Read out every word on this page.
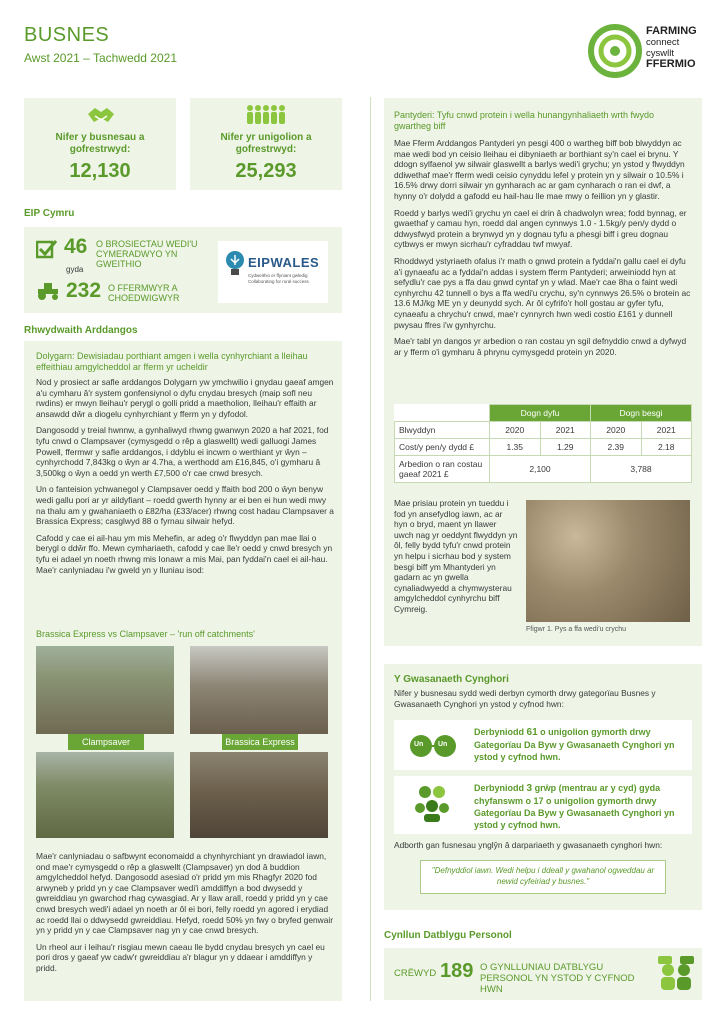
BUSNES
Awst 2021 – Tachwedd 2021
FARMING
connect
cyswllt
FFERMIO
Nifer y busnesau a gofrestrwyd:
12,130
Nifer yr unigolion a gofrestrwyd:
25,293
EIP Cymru
46 O BROSIECTAU WEDI'U CYMERADWYO YN GWEITHIO
gyda
232 O FFERMWYR A CHOEDWIGWYR
EIPWALES
Cydweithio er ffyniant gwledig Collaborating for rural success
Rhwydwaith Arddangos
Dolygarn: Dewisiadau porthiant amgen i wella cynhyrchiant a lleihau effeithiau amgylcheddol ar fferm yr ucheldir

Nod y prosiect ar safle arddangos Dolygarn yw ymchwilio i gnydau gaeaf amgen a'u cymharu â'r system gonfensiynol o dyfu cnydau bresych (maip sofl neu rwdins) er mwyn lleihau'r perygl o golli pridd a maetholion, lleihau'r effaith ar ansawdd dŵr a diogelu cynhyrchiant y fferm yn y dyfodol.

Dangosodd y treial hwnnw, a gynhaliwyd rhwng gwanwyn 2020 a haf 2021, fod tyfu cnwd o Clampsaver (cymysgedd o rêp a glaswellt) wedi galluogi James Powell, ffermwr y safle arddangos, i ddyblu ei incwm o werthiant yr ŵyn – cynhyrchodd 7,843kg o ŵyn ar 4.7ha, a werthodd am £16,845, o'i gymharu â 3,500kg o ŵyn a oedd yn werth £7,500 o'r cae cnwd bresych.

Un o fanteision ychwanegol y Clampsaver oedd y ffaith bod 200 o ŵyn benyw wedi gallu pori ar yr aildyfiant – roedd gwerth hynny ar ei ben ei hun wedi mwy na thalu am y gwahaniaeth o £82/ha (£33/acer) rhwng cost hadau Clampsaver a Brassica Express; casglwyd 88 o fyrnau silwair hefyd.

Cafodd y cae ei ail-hau ym mis Mehefin, ar adeg o'r flwyddyn pan mae llai o berygl o ddŵr ffo. Mewn cymhariaeth, cafodd y cae lle'r oedd y cnwd bresych yn tyfu ei adael yn noeth rhwng mis Ionawr a mis Mai, pan fyddai'n cael ei ail-hau. Mae'r canlyniadau i'w gweld yn y lluniau isod:

Brassica Express vs Clampsaver – 'run off catchments'
Clampsaver	Brassica Express

Mae'r canlyniadau o safbwynt economaidd a chynhyrchiant yn drawiadol iawn, ond mae'r cymysgedd o rêp a glaswellt (Clampsaver) yn dod â buddion amgylcheddol hefyd. Dangosodd asesiad o'r pridd ym mis Rhagfyr 2020 fod arwyneb y pridd yn y cae Clampsaver wedi'i amddiffyn a bod dwysedd y gwreiddiau yn gwarchod rhag cywasgiad. Ar y llaw arall, roedd y pridd yn y cae cnwd bresych wedi'i adael yn noeth ar ôl ei bori, felly roedd yn agored i erydiad ac roedd llai o ddwysedd gwreiddiau. Hefyd, roedd 50% yn fwy o bryfed genwair yn y pridd yn y cae Clampsaver nag yn y cae cnwd bresych.

Un rheol aur i leihau'r risgiau mewn caeau lle bydd cnydau bresych yn cael eu pori dros y gaeaf yw cadw'r gwreiddiau a'r blagur yn y ddaear i amddiffyn y pridd.

Pantyderi: Tyfu cnwd protein i wella hunangynhaliaeth wrth fwydo gwartheg biff

Mae Fferm Arddangos Pantyderi yn pesgi 400 o wartheg biff bob blwyddyn ac mae wedi bod yn ceisio lleihau ei dibyniaeth ar borthiant sy'n cael ei brynu. Y ddogn sylfaenol yw silwair glaswellt a barlys wedi'i grychu; yn ystod y flwyddyn ddiwethaf mae'r fferm wedi ceisio cynyddu lefel y protein yn y silwair o 10.5% i 16.5% drwy dorri silwair yn gynharach ac ar gam cynharach o ran ei dwf, a hynny o'r dolydd a gafodd eu hail-hau lle mae mwy o feillion yn y glastir.

Roedd y barlys wedi'i grychu yn cael ei drin â chadwolyn wrea; fodd bynnag, er gwaethaf y camau hyn, roedd dal angen cynnwys 1.0 - 1.5kg/y pen/y dydd o ddwysfwyd protein a brynwyd yn y dognau tyfu a phesgi biff i greu dognau cytbwys er mwyn sicrhau'r cyfraddau twf mwyaf.

Rhoddwyd ystyriaeth ofalus i'r math o gnwd protein a fyddai'n gallu cael ei dyfu a'i gynaeafu ac a fyddai'n addas i system fferm Pantyderi; arweiniodd hyn at sefydlu'r cae pys a ffa dau gnwd cyntaf yn y wlad. Mae'r cae 8ha o faint wedi cynhyrchu 42 tunnell o bys a ffa wedi'u crychu, sy'n cynnwys 26.5% o brotein ac 13.6 MJ/kg ME yn y deunydd sych. Ar ôl cyfrifo'r holl gostau ar gyfer tyfu, cynaeafu a chrychu'r cnwd, mae'r cynnyrch hwn wedi costio £161 y dunnell pwysau ffres i'w gynhyrchu.

Mae'r tabl yn dangos yr arbedion o ran costau yn sgil defnyddio cnwd a dyfwyd ar y fferm o'i gymharu â phrynu cymysgedd protein yn 2020.

	Dogn dyfu		Dogn besgi	
Blwyddyn	2020	2021	2020	2021
Cost/y pen/y dydd £	1.35	1.29	2.39	2.18
Arbedion o ran costau gaeaf 2021 £	2,100		3,788	
Mae prisiau protein yn tueddu i fod yn ansefydlog iawn, ac ar hyn o bryd, maent yn llawer uwch nag yr oeddynt flwyddyn yn ôl, felly bydd tyfu'r cnwd protein yn helpu i sicrhau bod y system besgi biff ym Mhantyderi yn gadarn ac yn gwella cynaliadwyedd a chymwysterau amgylcheddol cynhyrchu biff Cymreig.
Ffigwr 1. Pys a ffa wedi'u crychu
Y Gwasanaeth Cynghori
Nifer y busnesau sydd wedi derbyn cymorth drwy gategorïau Busnes y Gwasanaeth Cynghori yn ystod y cyfnod hwn:
Un Un
Derbyniodd 61 o unigolion gymorth drwy Gategorïau Da Byw y Gwasanaeth Cynghori yn ystod y cyfnod hwn.
Derbyniodd 3 grŵp (mentrau ar y cyd) gyda chyfanswm o 17 o unigolion gymorth drwy Gategorïau Da Byw y Gwasanaeth Cynghori yn ystod y cyfnod hwn.
Adborth gan fusnesau ynglŷn â darpariaeth y gwasanaeth cynghori hwn:
"Defnyddiol iawn. Wedi helpu i ddeall y gwahanol ogweddau ar newid cyfeiriad y busnes."
Cynllun Datblygu Personol
CRËWYD 189 O GYNLLUNIAU DATBLYGU PERSONOL YN YSTOD Y CYFNOD HWN
